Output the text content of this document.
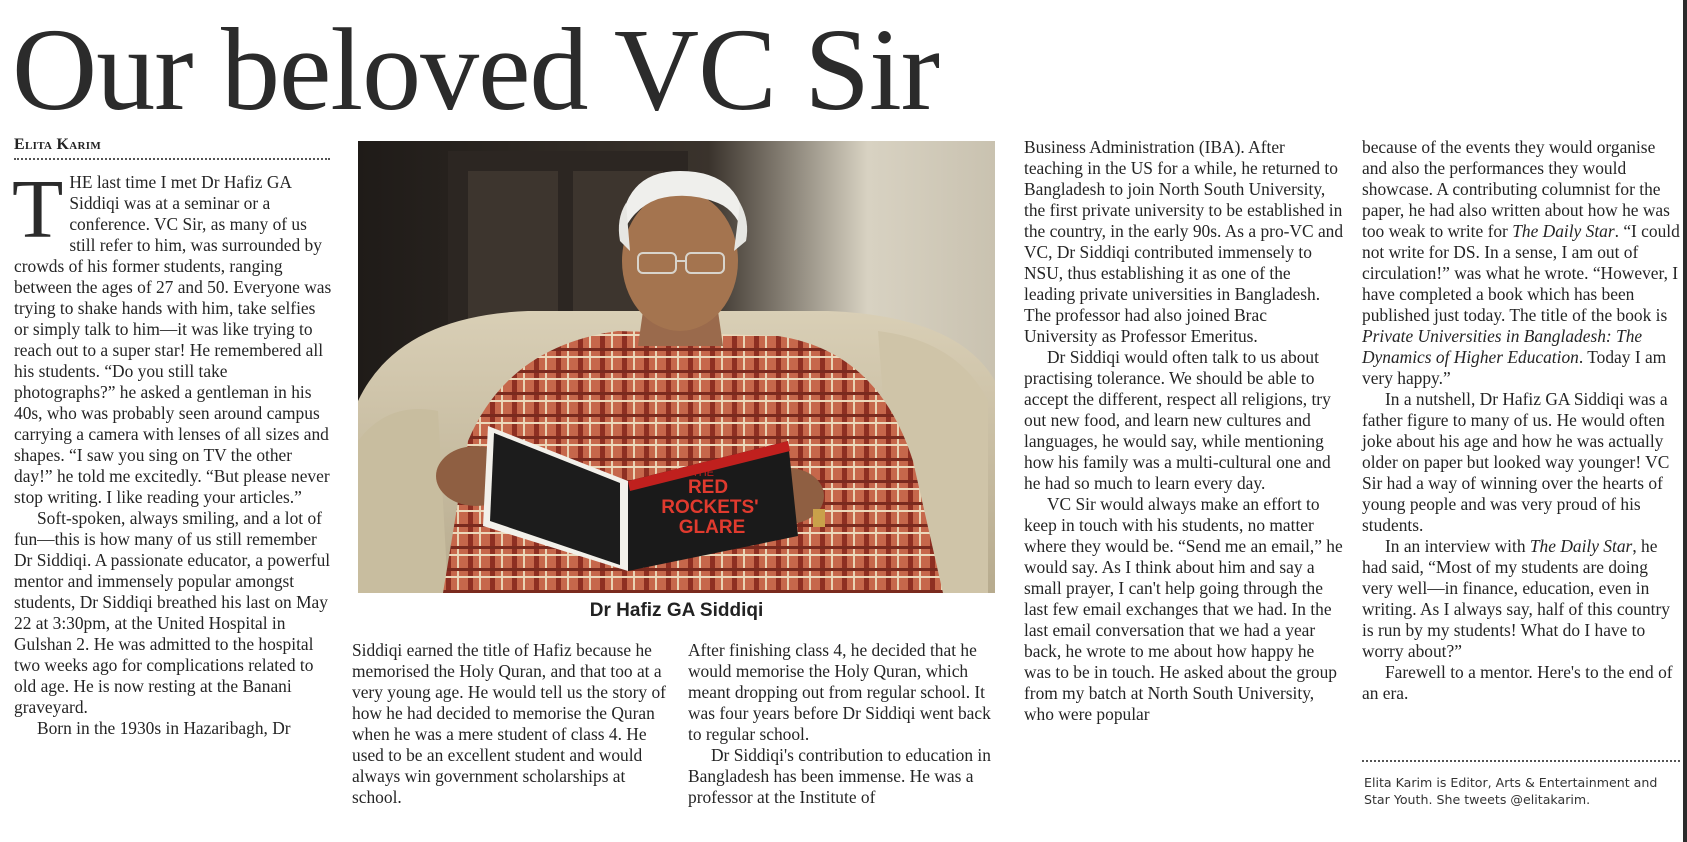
Our beloved VC Sir
Elita Karim

THE last time I met Dr Hafiz GA Siddiqi was at a seminar or a conference. VC Sir, as many of us still refer to him, was surrounded by crowds of his former students, ranging between the ages of 27 and 50. Everyone was trying to shake hands with him, take selfies or simply talk to him—it was like trying to reach out to a super star! He remembered all his students. “Do you still take photographs?” he asked a gentleman in his 40s, who was probably seen around campus carrying a camera with lenses of all sizes and shapes. “I saw you sing on TV the other day!” he told me excitedly. “But please never stop writing. I like reading your articles.”

Soft-spoken, always smiling, and a lot of fun—this is how many of us still remember Dr Siddiqi. A passionate educator, a powerful mentor and immensely popular amongst students, Dr Siddiqi breathed his last on May 22 at 3:30pm, at the United Hospital in Gulshan 2. He was admitted to the hospital two weeks ago for complications related to old age. He is now resting at the Banani graveyard.

Born in the 1930s in Hazaribagh, Dr

THE
RED
ROCKETS'
GLARE
Dr Hafiz GA Siddiqi

Siddiqi earned the title of Hafiz because he memorised the Holy Quran, and that too at a very young age. He would tell us the story of how he had decided to memorise the Quran when he was a mere student of class 4. He used to be an excellent student and would always win government scholarships at school.

After finishing class 4, he decided that he would memorise the Holy Quran, which meant dropping out from regular school. It was four years before Dr Siddiqi went back to regular school.

Dr Siddiqi's contribution to education in Bangladesh has been immense. He was a professor at the Institute of

Business Administration (IBA). After teaching in the US for a while, he returned to Bangladesh to join North South University, the first private university to be established in the country, in the early 90s. As a pro-VC and VC, Dr Siddiqi contributed immensely to NSU, thus establishing it as one of the leading private universities in Bangladesh. The professor had also joined Brac University as Professor Emeritus.

Dr Siddiqi would often talk to us about practising tolerance. We should be able to accept the different, respect all religions, try out new food, and learn new cultures and languages, he would say, while mentioning how his family was a multi-cultural one and he had so much to learn every day.

VC Sir would always make an effort to keep in touch with his students, no matter where they would be. “Send me an email,” he would say. As I think about him and say a small prayer, I can't help going through the last few email exchanges that we had. In the last email conversation that we had a year back, he wrote to me about how happy he was to be in touch. He asked about the group from my batch at North South University, who were popular

because of the events they would organise and also the performances they would showcase. A contributing columnist for the paper, he had also written about how he was too weak to write for The Daily Star. “I could not write for DS. In a sense, I am out of circulation!” was what he wrote. “However, I have completed a book which has been published just today. The title of the book is Private Universities in Bangladesh: The Dynamics of Higher Education. Today I am very happy.”

In a nutshell, Dr Hafiz GA Siddiqi was a father figure to many of us. He would often joke about his age and how he was actually older on paper but looked way younger! VC Sir had a way of winning over the hearts of young people and was very proud of his students.

In an interview with The Daily Star, he had said, “Most of my students are doing very well—in finance, education, even in writing. As I always say, half of this country is run by my students! What do I have to worry about?”

Farewell to a mentor. Here's to the end of an era.

Elita Karim is Editor, Arts & Entertainment and Star Youth. She tweets @elitakarim.
